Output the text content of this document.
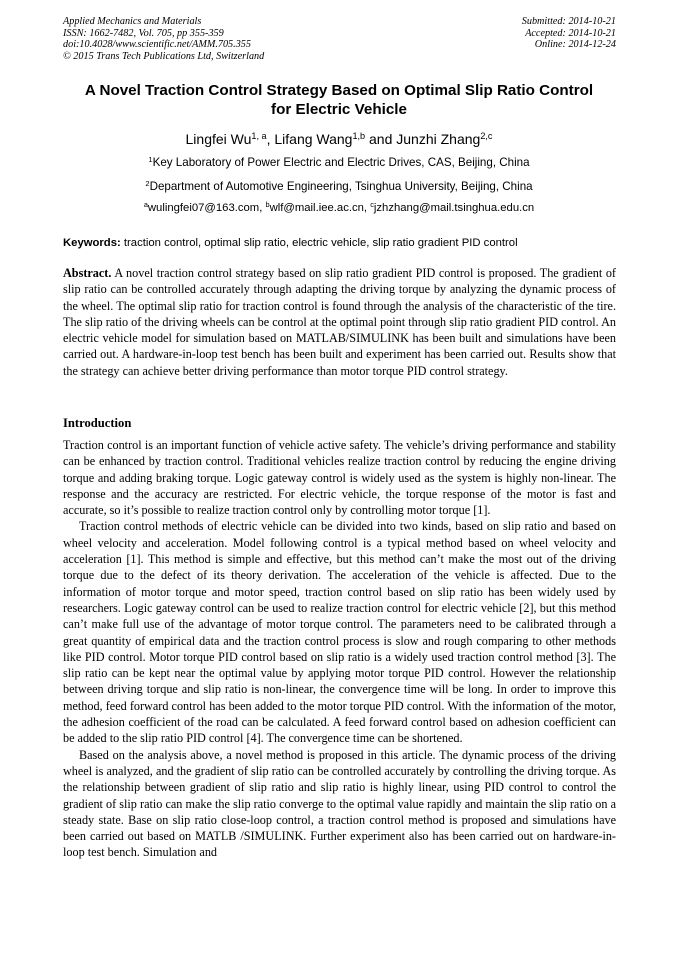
Applied Mechanics and Materials
ISSN: 1662-7482, Vol. 705, pp 355-359
doi:10.4028/www.scientific.net/AMM.705.355
© 2015 Trans Tech Publications Ltd, Switzerland
Submitted: 2014-10-21
Accepted: 2014-10-21
Online: 2014-12-24
A Novel Traction Control Strategy Based on Optimal Slip Ratio Control
for Electric Vehicle
Lingfei Wu$^{1, a}$, Lifang Wang$^{1,b}$ and Junzhi Zhang$^{2,c}$
$^1$Key Laboratory of Power Electric and Electric Drives, CAS, Beijing, China
$^2$Department of Automotive Engineering, Tsinghua University, Beijing, China
$^a$wulingfei07@163.com, $^b$wlf@mail.iee.ac.cn, $^c$jzhzhang@mail.tsinghua.edu.cn
Keywords: traction control, optimal slip ratio, electric vehicle, slip ratio gradient PID control
Abstract. A novel traction control strategy based on slip ratio gradient PID control is proposed. The gradient of slip ratio can be controlled accurately through adapting the driving torque by analyzing the dynamic process of the wheel. The optimal slip ratio for traction control is found through the analysis of the characteristic of the tire. The slip ratio of the driving wheels can be control at the optimal point through slip ratio gradient PID control. An electric vehicle model for simulation based on MATLAB/SIMULINK has been built and simulations have been carried out. A hardware-in-loop test bench has been built and experiment has been carried out. Results show that the strategy can achieve better driving performance than motor torque PID control strategy.
Introduction

Traction control is an important function of vehicle active safety. The vehicle’s driving performance and stability can be enhanced by traction control. Traditional vehicles realize traction control by reducing the engine driving torque and adding braking torque. Logic gateway control is widely used as the system is highly non-linear. The response and the accuracy are restricted. For electric vehicle, the torque response of the motor is fast and accurate, so it’s possible to realize traction control only by controlling motor torque [1].

Traction control methods of electric vehicle can be divided into two kinds, based on slip ratio and based on wheel velocity and acceleration. Model following control is a typical method based on wheel velocity and acceleration [1]. This method is simple and effective, but this method can’t make the most out of the driving torque due to the defect of its theory derivation. The acceleration of the vehicle is affected. Due to the information of motor torque and motor speed, traction control based on slip ratio has been widely used by researchers. Logic gateway control can be used to realize traction control for electric vehicle [2], but this method can’t make full use of the advantage of motor torque control. The parameters need to be calibrated through a great quantity of empirical data and the traction control process is slow and rough comparing to other methods like PID control. Motor torque PID control based on slip ratio is a widely used traction control method [3]. The slip ratio can be kept near the optimal value by applying motor torque PID control. However the relationship between driving torque and slip ratio is non-linear, the convergence time will be long. In order to improve this method, feed forward control has been added to the motor torque PID control. With the information of the motor, the adhesion coefficient of the road can be calculated. A feed forward control based on adhesion coefficient can be added to the slip ratio PID control [4]. The convergence time can be shortened.

Based on the analysis above, a novel method is proposed in this article. The dynamic process of the driving wheel is analyzed, and the gradient of slip ratio can be controlled accurately by controlling the driving torque. As the relationship between gradient of slip ratio and slip ratio is highly linear, using PID control to control the gradient of slip ratio can make the slip ratio converge to the optimal value rapidly and maintain the slip ratio on a steady state. Base on slip ratio close-loop control, a traction control method is proposed and simulations have been carried out based on MATLB /SIMULINK. Further experiment also has been carried out on hardware-in-loop test bench. Simulation and
